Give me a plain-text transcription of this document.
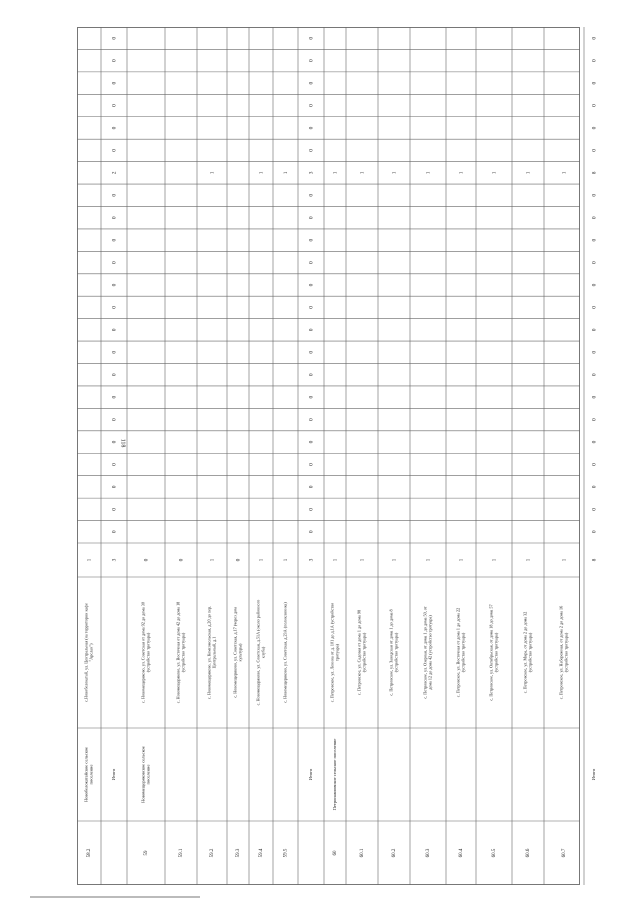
118
58.2
Новобелокатайское сельскоепоселение
с.Новобелокатай, ул. Центральная (на территории кафе"Арслан")
1
Итого
3
0
0
0
0
0
0
0
0
0
0
0
0
0
0
0
0
2
0
0
0
0
0
0
59
Новомещеряковское сельскоепоселение
с. Новомещеряково, ул. Советская от дома 92 до дома 30(устройство тротуара)
0
59.1
с. Новомещеряково, ул. Восточная от дома 42 до дома 18(устройство тротуара)
0
59.2
с. Новомещеряково, ул. Комсомольская, д.20 до пер.Центральный, д.1
1
1
59.3
с. Новомещеряково, ул. Советская, д.17 (через домкультуры)
0
59.4
с. Новомещеряково, ул. Советская, д.51А (около районногоклуба)
1
1
59.5
с. Новомещеряково, ул. Советская, д.23А (поликлиника)
1
1
Итого
3
0
0
0
0
0
0
0
0
0
0
0
0
0
0
0
0
3
0
0
0
0
0
0
60
Петропавловское сельское поселение
с. Петровское, ул. Ленина от д. 101 до д.1А (устройствотротуара)
1
1
60.1
с. Петровское, ул. Садовая от дома 1 до дома 98(устройство тротуара)
1
1
60.2
с. Петровское, ул. Заводская от дома 1 до дома 8(устройство тротуара)
1
1
60.3
с. Петровское, ул. Озерная, от дома 1 до дома 50, отдома 12 до дома 42 (устройство тротуара)
1
1
60.4
с. Петровское, ул. Восточная от дома 1 до дома 22(устройство тротуара)
1
1
60.5
с. Петровское, ул. Октябрьская, от дома 18 до дома 57(устройство тротуара)
1
1
60.6
с. Петровское, ул. Мира, от дома 2 до дома 32(устройство тротуара)
1
1
60.7
с. Петровское, ул. Набережная, от дома 2 до дома 16(устройство тротуара)
1
1
Итого
8
0
0
0
0
0
0
0
0
0
0
0
0
0
0
0
0
8
0
0
0
0
0
0
